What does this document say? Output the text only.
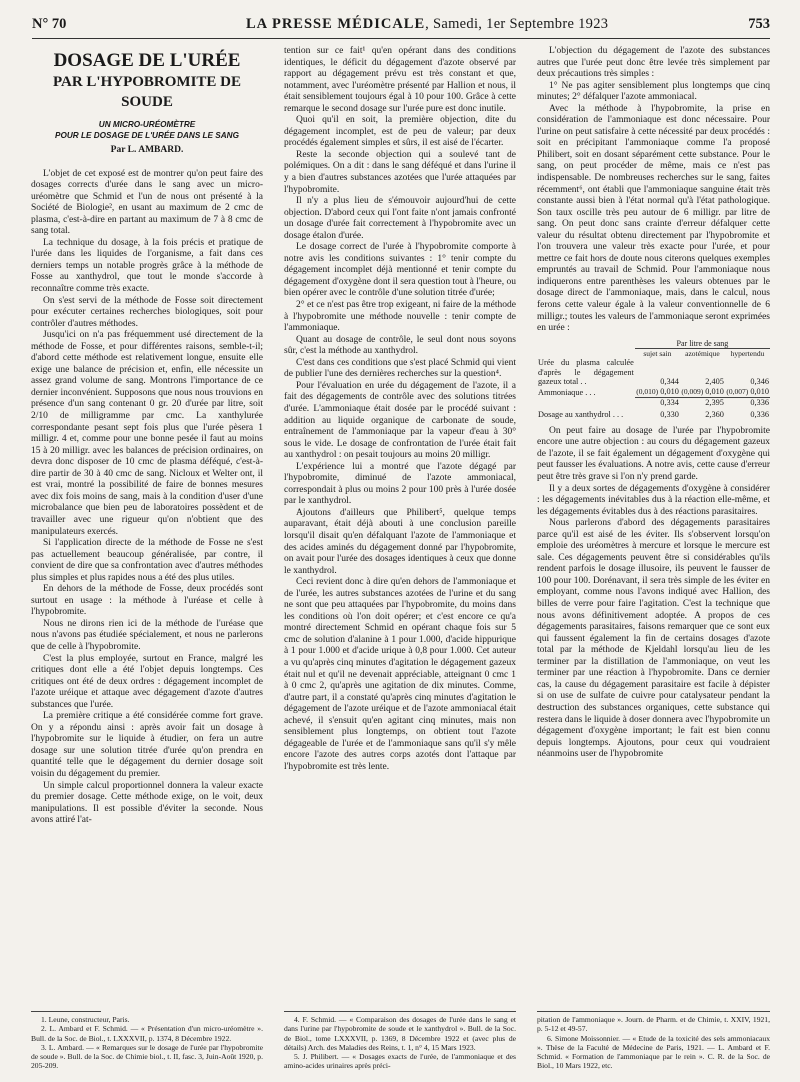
N° 70	LA PRESSE MÉDICALE, Samedi, 1er Septembre 1923	753
DOSAGE DE L'URÉE
PAR L'HYPOBROMITE DE SOUDE
UN MICRO-URÉOMÈTRE
POUR LE DOSAGE DE L'URÉE DANS LE SANG
Par L. AMBARD.

L'objet de cet exposé est de montrer qu'on peut faire des dosages corrects d'urée dans le sang avec un micro-uréomètre que Schmid et l'un de nous ont présenté à la Société de Biologie², en usant au maximum de 2 cmc de plasma, c'est-à-dire en partant au maximum de 7 à 8 cmc de sang total.

La technique du dosage, à la fois précis et pratique de l'urée dans les liquides de l'organisme, a fait dans ces derniers temps un notable progrès grâce à la méthode de Fosse au xanthydrol, que tout le monde s'accorde à reconnaître comme très exacte.

On s'est servi de la méthode de Fosse soit directement pour exécuter certaines recherches biologiques, soit pour contrôler d'autres méthodes.

Jusqu'ici on n'a pas fréquemment usé directement de la méthode de Fosse, et pour différentes raisons, semble-t-il; d'abord cette méthode est relativement longue, ensuite elle exige une balance de précision et, enfin, elle nécessite un assez grand volume de sang. Montrons l'importance de ce dernier inconvénient. Supposons que nous nous trouvions en présence d'un sang contenant 0 gr. 20 d'urée par litre, soit 2/10 de milligramme par cmc. La xanthylurée correspondante pesant sept fois plus que l'urée pèsera 1 milligr. 4 et, comme pour une bonne pesée il faut au moins 15 à 20 milligr. avec les balances de précision ordinaires, on devra donc disposer de 10 cmc de plasma déféqué, c'est-à-dire partir de 30 à 40 cmc de sang. Nicloux et Welter ont, il est vrai, montré la possibilité de faire de bonnes mesures avec dix fois moins de sang, mais à la condition d'user d'une microbalance que bien peu de laboratoires possèdent et de travailler avec une rigueur qu'on n'obtient que des manipulateurs exercés.

Si l'application directe de la méthode de Fosse ne s'est pas actuellement beaucoup généralisée, par contre, il convient de dire que sa confrontation avec d'autres méthodes plus simples et plus rapides nous a été des plus utiles.

En dehors de la méthode de Fosse, deux procédés sont surtout en usage : la méthode à l'uréase et celle à l'hypobromite.

Nous ne dirons rien ici de la méthode de l'uréase que nous n'avons pas étudiée spécialement, et nous ne parlerons que de celle à l'hypobromite.

C'est la plus employée, surtout en France, malgré les critiques dont elle a été l'objet depuis longtemps. Ces critiques ont été de deux ordres : dégagement incomplet de l'azote uréique et attaque avec dégagement d'azote d'autres substances que l'urée.

La première critique a été considérée comme fort grave. On y a répondu ainsi : après avoir fait un dosage à l'hypobromite sur le liquide à étudier, on fera un autre dosage sur une solution titrée d'urée qu'on prendra en quantité telle que le dégagement du dernier dosage soit voisin du dégagement du premier.

Un simple calcul proportionnel donnera la valeur exacte du premier dosage. Cette méthode exige, on le voit, deux manipulations. Il est possible d'éviter la seconde. Nous avons attiré l'at-

tention sur ce fait¹ qu'en opérant dans des conditions identiques, le déficit du dégagement d'azote observé par rapport au dégagement prévu est très constant et que, notamment, avec l'uréomètre présenté par Hallion et nous, il était sensiblement toujours égal à 10 pour 100. Grâce à cette remarque le second dosage sur l'urée pure est donc inutile.

Quoi qu'il en soit, la première objection, dite du dégagement incomplet, est de peu de valeur; par deux procédés également simples et sûrs, il est aisé de l'écarter.

Reste la seconde objection qui a soulevé tant de polémiques. On a dit : dans le sang déféqué et dans l'urine il y a bien d'autres substances azotées que l'urée attaquées par l'hypobromite.

Il n'y a plus lieu de s'émouvoir aujourd'hui de cette objection. D'abord ceux qui l'ont faite n'ont jamais confronté un dosage d'urée fait correctement à l'hypobromite avec un dosage étalon d'urée.

Le dosage correct de l'urée à l'hypobromite comporte à notre avis les conditions suivantes : 1° tenir compte du dégagement incomplet déjà mentionné et tenir compte du dégagement d'oxygène dont il sera question tout à l'heure, ou bien opérer avec le contrôle d'une solution titrée d'urée;

2° et ce n'est pas être trop exigeant, ni faire de la méthode à l'hypobromite une méthode nouvelle : tenir compte de l'ammoniaque.

Quant au dosage de contrôle, le seul dont nous soyons sûr, c'est la méthode au xanthydrol.

C'est dans ces conditions que s'est placé Schmid qui vient de publier l'une des dernières recherches sur la question⁴.

Pour l'évaluation en urée du dégagement de l'azote, il a fait des dégagements de contrôle avec des solutions titrées d'urée. L'ammoniaque était dosée par le procédé suivant : addition au liquide organique de carbonate de soude, entraînement de l'ammoniaque par la vapeur d'eau à 30° sous le vide. Le dosage de confrontation de l'urée était fait au xanthydrol : on pesait toujours au moins 20 milligr.

L'expérience lui a montré que l'azote dégagé par l'hypobromite, diminué de l'azote ammoniacal, correspondait à plus ou moins 2 pour 100 près à l'urée dosée par le xanthydrol.

Ajoutons d'ailleurs que Philibert⁵, quelque temps auparavant, était déjà abouti à une conclusion pareille lorsqu'il disait qu'en défalquant l'azote de l'ammoniaque et des acides aminés du dégagement donné par l'hypobromite, on avait pour l'urée des dosages identiques à ceux que donne le xanthydrol.

Ceci revient donc à dire qu'en dehors de l'ammoniaque et de l'urée, les autres substances azotées de l'urine et du sang ne sont que peu attaquées par l'hypobromite, du moins dans les conditions où l'on doit opérer; et c'est encore ce qu'a montré directement Schmid en opérant chaque fois sur 5 cmc de solution d'alanine à 1 pour 1.000, d'acide hippurique à 1 pour 1.000 et d'acide urique à 0,8 pour 1.000. Cet auteur a vu qu'après cinq minutes d'agitation le dégagement gazeux était nul et qu'il ne devenait appréciable, atteignant 0 cmc 1 à 0 cmc 2, qu'après une agitation de dix minutes. Comme, d'autre part, il a constaté qu'après cinq minutes d'agitation le dégagement de l'azote uréique et de l'azote ammoniacal était achevé, il s'ensuit qu'en agitant cinq minutes, mais non sensiblement plus longtemps, on obtient tout l'azote dégageable de l'urée et de l'ammoniaque sans qu'il s'y mêle encore l'azote des autres corps azotés dont l'attaque par l'hypobromite est très lente.

L'objection du dégagement de l'azote des substances autres que l'urée peut donc être levée très simplement par deux précautions très simples :

1° Ne pas agiter sensiblement plus longtemps que cinq minutes; 2° défalquer l'azote ammoniacal.

Avec la méthode à l'hypobromite, la prise en considération de l'ammoniaque est donc nécessaire. Pour l'urine on peut satisfaire à cette nécessité par deux procédés : soit en précipitant l'ammoniaque comme l'a proposé Philibert, soit en dosant séparément cette substance. Pour le sang, on peut procéder de même, mais ce n'est pas indispensable. De nombreuses recherches sur le sang, faites récemment⁶, ont établi que l'ammoniaque sanguine était très constante aussi bien à l'état normal qu'à l'état pathologique. Son taux oscille très peu autour de 6 milligr. par litre de sang. On peut donc sans crainte d'erreur défalquer cette valeur du résultat obtenu directement par l'hypobromite et l'on trouvera une valeur très exacte pour l'urée, et pour mettre ce fait hors de doute nous citerons quelques exemples empruntés au travail de Schmid. Pour l'ammoniaque nous indiquerons entre parenthèses les valeurs obtenues par le dosage direct de l'ammoniaque, mais, dans le calcul, nous ferons cette valeur égale à la valeur conventionnelle de 6 milligr.; toutes les valeurs de l'ammoniaque seront exprimées en urée :

	Par litre de sang		
	sujet sain	azotémique	hypertendu
Urée du plasma calculée d'après le dégagement gazeux total . .	0,344	2,405	0,346
Ammoniaque . . .	(0,010) 0,010	(0,009) 0,010	(0,007) 0,010
	0,334	2,395	0,336
Dosage au xanthydrol . . .	0,330	2,360	0,336

On peut faire au dosage de l'urée par l'hypobromite encore une autre objection : au cours du dégagement gazeux de l'azote, il se fait également un dégagement d'oxygène qui peut fausser les évaluations. A notre avis, cette cause d'erreur peut être très grave si l'on n'y prend garde.

Il y a deux sortes de dégagements d'oxygène à considérer : les dégagements inévitables dus à la réaction elle-même, et les dégagements évitables dus à des réactions parasitaires.

Nous parlerons d'abord des dégagements parasitaires parce qu'il est aisé de les éviter. Ils s'observent lorsqu'on emploie des uréomètres à mercure et lorsque le mercure est sale. Ces dégagements peuvent être si considérables qu'ils rendent parfois le dosage illusoire, ils peuvent le fausser de 100 pour 100. Dorénavant, il sera très simple de les éviter en employant, comme nous l'avons indiqué avec Hallion, des billes de verre pour faire l'agitation. C'est la technique que nous avons définitivement adoptée. A propos de ces dégagements parasitaires, faisons remarquer que ce sont eux qui faussent également la fin de certains dosages d'azote total par la méthode de Kjeldahl lorsqu'au lieu de les terminer par la distillation de l'ammoniaque, on veut les terminer par une réaction à l'hypobromite. Dans ce dernier cas, la cause du dégagement parasitaire est facile à dépister si on use de sulfate de cuivre pour catalysateur pendant la destruction des substances organiques, cette substance qui restera dans le liquide à doser donnera avec l'hypobromite un dégagement d'oxygène important; le fait est bien connu depuis longtemps. Ajoutons, pour ceux qui voudraient néanmoins user de l'hypobromite

1. Leune, constructeur, Paris.

2. L. Ambard et F. Schmid. — « Présentation d'un micro-uréomètre ». Bull. de la Soc. de Biol., t. LXXXVII, p. 1374, 8 Décembre 1922.

3. L. Ambard. — « Remarques sur le dosage de l'urée par l'hypobromite de soude ». Bull. de la Soc. de Chimie biol., t. II, fasc. 3, Juin-Août 1920, p. 205-209.

4. F. Schmid. — « Comparaison des dosages de l'urée dans le sang et dans l'urine par l'hypobromite de soude et le xanthydrol ». Bull. de la Soc. de Biol., tome LXXXVII, p. 1369, 8 Décembre 1922 et (avec plus de détails) Arch. des Maladies des Reins, t. 1, n° 4, 15 Mars 1923.

5. J. Philibert. — « Dosages exacts de l'urée, de l'ammoniaque et des amino-acides urinaires après préci-

pitation de l'ammoniaque ». Journ. de Pharm. et de Chimie, t. XXIV, 1921, p. 5-12 et 49-57.

6. Simone Moissonnier. — « Etude de la toxicité des sels ammoniacaux ». Thèse de la Faculté de Médecine de Paris, 1921. — L. Ambard et F. Schmid. « Formation de l'ammoniaque par le rein ». C. R. de la Soc. de Biol., 10 Mars 1922, etc.
